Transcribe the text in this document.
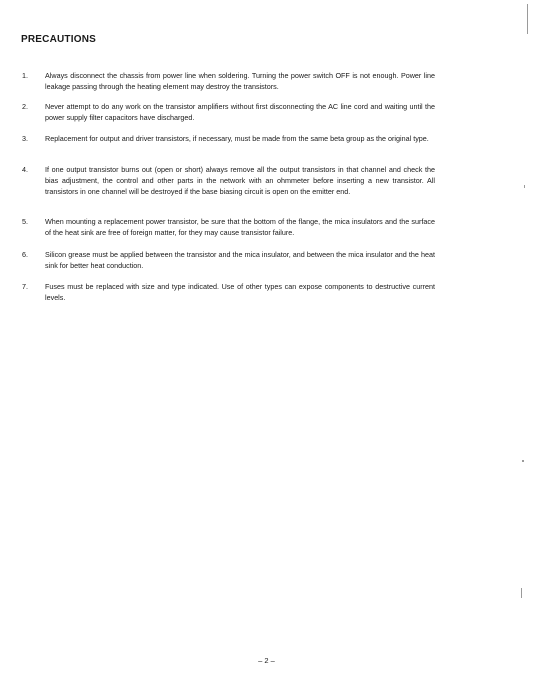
PRECAUTIONS
1. Always disconnect the chassis from power line when soldering. Turning the power switch OFF is not enough. Power line leakage passing through the heating element may destroy the transistors.
2. Never attempt to do any work on the transistor amplifiers without first disconnecting the AC line cord and waiting until the power supply filter capacitors have discharged.
3. Replacement for output and driver transistors, if necessary, must be made from the same beta group as the original type.
4. If one output transistor burns out (open or short) always remove all the output transistors in that channel and check the bias adjustment, the control and other parts in the network with an ohmmeter before inserting a new transistor. All transistors in one channel will be destroyed if the base biasing circuit is open on the emitter end.
5. When mounting a replacement power transistor, be sure that the bottom of the flange, the mica insulators and the surface of the heat sink are free of foreign matter, for they may cause transistor failure.
6. Silicon grease must be applied between the transistor and the mica insulator, and between the mica insulator and the heat sink for better heat conduction.
7. Fuses must be replaced with size and type indicated. Use of other types can expose components to destructive current levels.
– 2 –
